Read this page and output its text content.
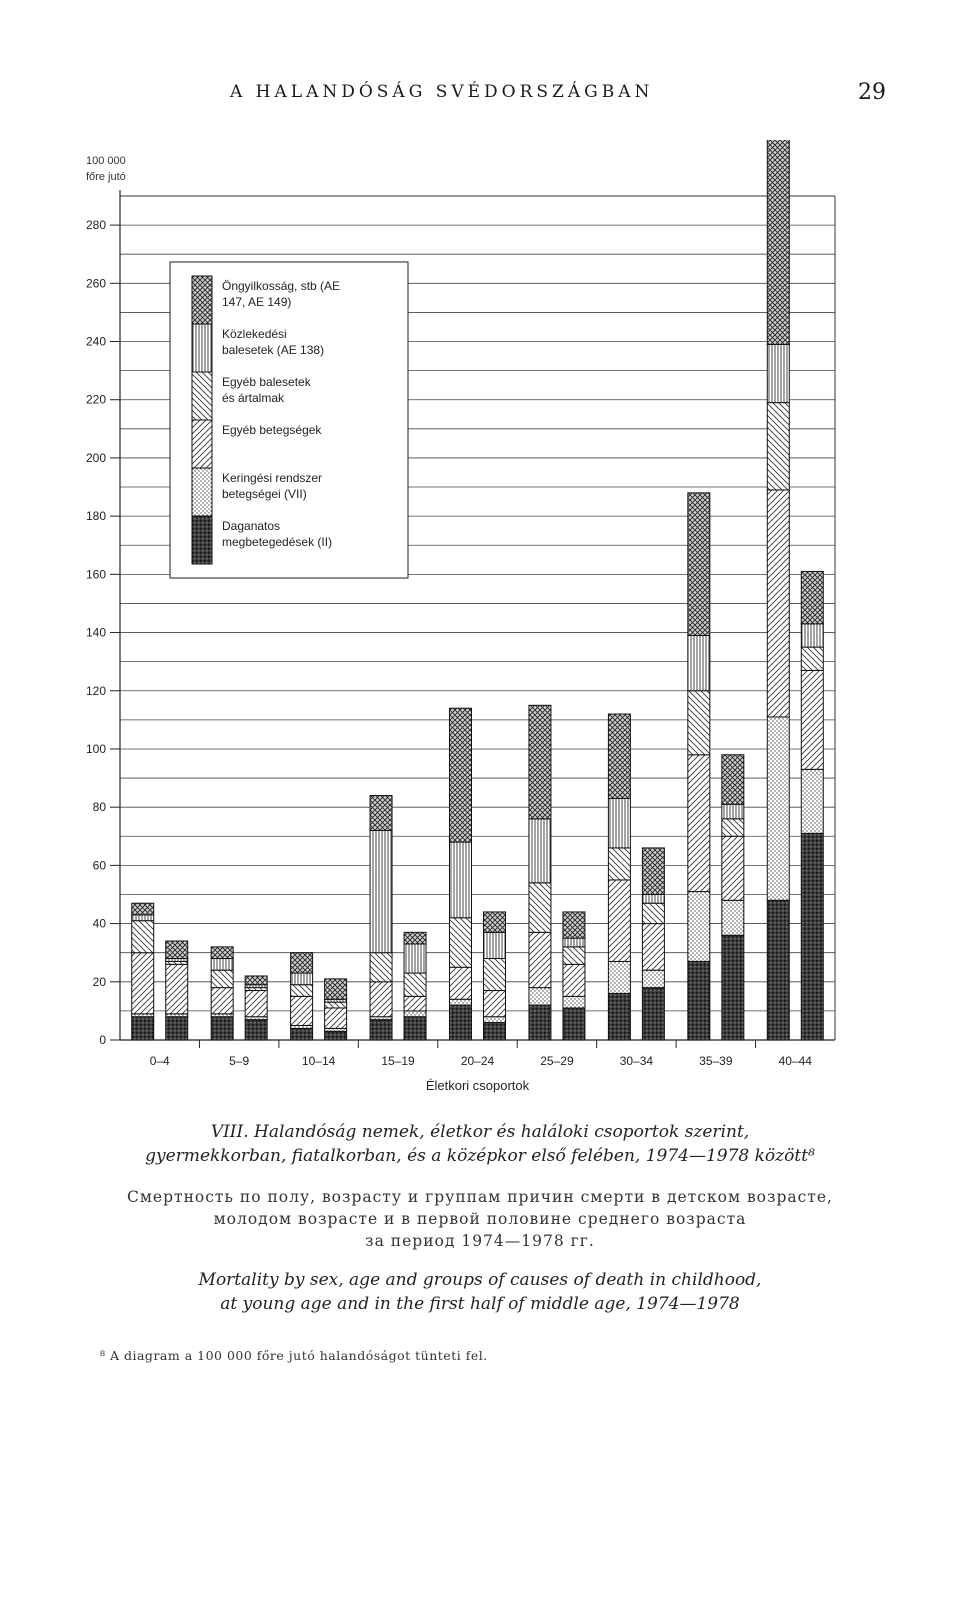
A HALANDÓSÁG SVÉDORSZÁGBAN	29
0
20
40
60
80
100
120
140
160
180
200
220
240
260
280
100 000
főre jutó
0–4	5–9	10–14	15–19	20–24	25–29	30–34	35–39	40–44
Életkori csoportok
Öngyilkosság, stb (AE 147, AE 149)
Közlekedési balesetek (AE 138)
Egyéb balesetek és ártalmak
Egyéb betegségek
Keringési rendszer betegségei (VII)
Daganatos megbetegedések (II)
VIII. Halandóság nemek, életkor és haláloki csoportok szerint,
gyermekkorban, fiatalkorban, és a középkor első felében, 1974—1978 között⁸
Смертность по полу, возрасту и группам причин смерти в детском возрасте,
молодом возрасте и в первой половине среднего возраста
за период 1974—1978 гг.
Mortality by sex, age and groups of causes of death in childhood,
at young age and in the first half of middle age, 1974—1978
⁸ A diagram a 100 000 főre jutó halandóságot tünteti fel.
